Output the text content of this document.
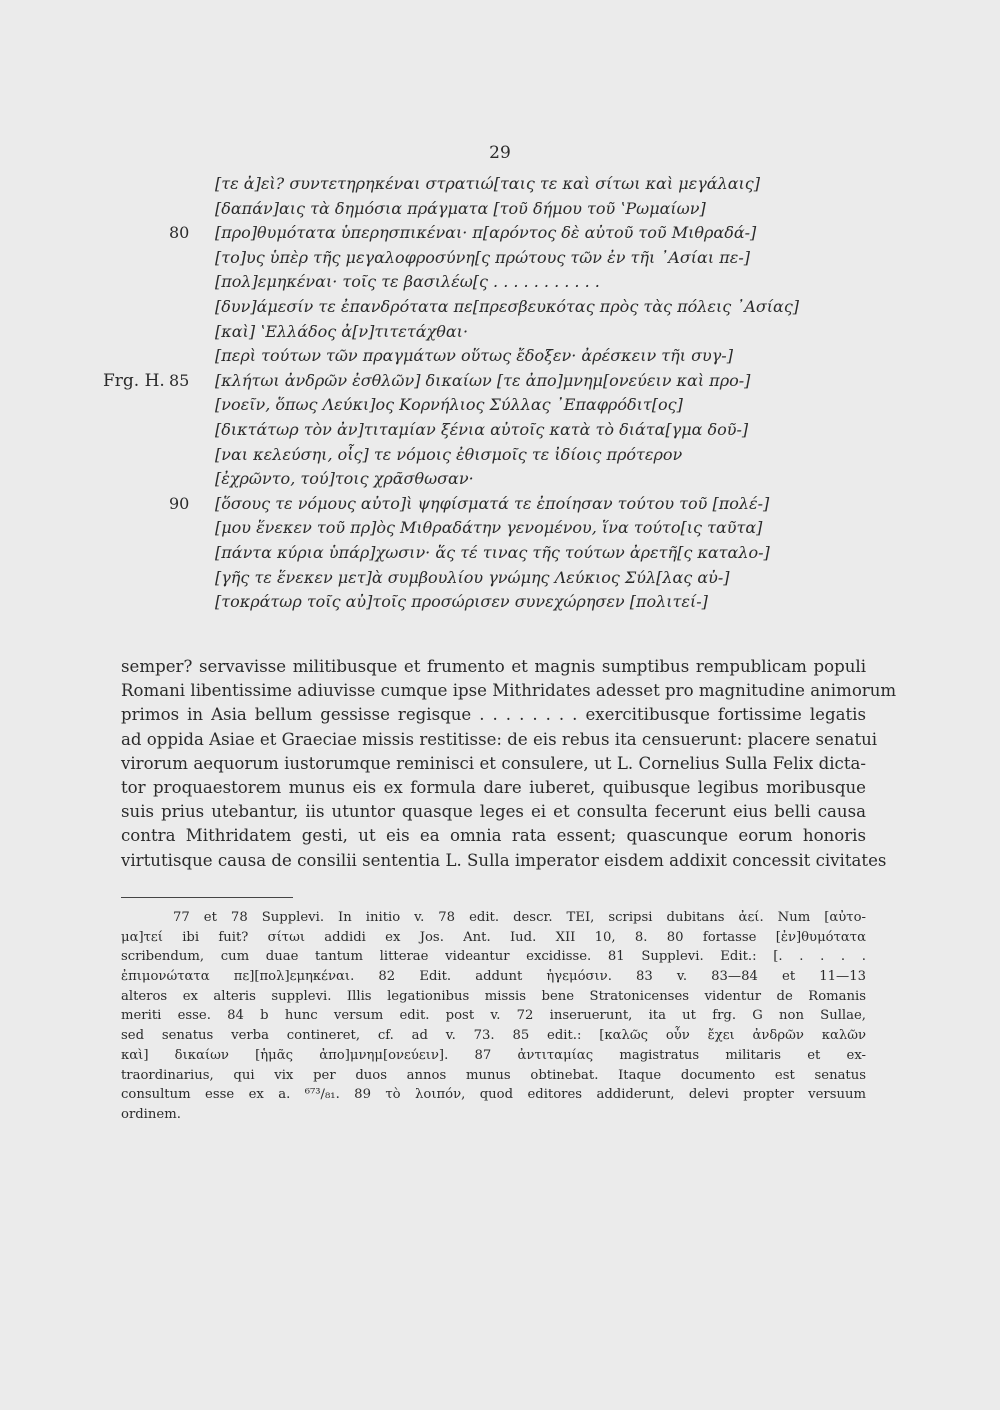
29
[τε ἀ]εὶ? συντετηρηκέναι στρατιώ[ταις τε καὶ σίτωι καὶ μεγάλαις]
[δαπάν]αις τὰ δημόσια πράγματα [τοῦ δήμου τοῦ ʽΡωμαίων]
80 [προ]θυμότατα ὑπερησπικέναι· π[αρόντος δὲ αὐτοῦ τοῦ Μιθραδά-]
[το]υς ὑπὲρ τῆς μεγαλοφροσύνη[ς πρώτους τῶν ἐν τῆι ᾽Ασίαι πε-]
[πολ]εμηκέναι· τοῖς τε βασιλέω[ς . . . . . . . . . . .
[δυν]άμεσίν τε ἐπανδρότατα πε[πρεσβευκότας πρὸς τὰς πόλεις ᾽Ασίας]
[καὶ] ʽΕλλάδος ἀ[ν]τιτετάχθαι·
[περὶ τούτων τῶν πραγμάτων οὕτως ἔδοξεν· ἀρέσκειν τῆι συγ-]
Frg. H. 85 [κλήτωι ἀνδρῶν ἐσθλῶν] δικαίων [τε ἀπο]μνημ[ονεύειν καὶ προ-]
[νοεῖν, ὅπως Λεύκι]ος Κορνήλιος Σύλλας ᾽Επαφρόδιτ[ος]
[δικτάτωρ τὸν ἀν]τιταμίαν ξένια αὐτοῖς κατὰ τὸ διάτα[γμα δοῦ-]
[ναι κελεύσηι, οἷς] τε νόμοις ἐθισμοῖς τε ἰδίοις πρότερον
[ἐχρῶντο, τού]τοις χρᾶσθωσαν·
90 [ὅσους τε νόμους αὐτο]ὶ ψηφίσματά τε ἐποίησαν τούτου τοῦ [πολέ-]
[μου ἕνεκεν τοῦ πρ]ὸς Μιθραδάτην γενομένου, ἵνα τούτο[ις ταῦτα]
[πάντα κύρια ὑπάρ]χωσιν· ἅς τέ τινας τῆς τούτων ἀρετῆ[ς καταλο-]
[γῆς τε ἕνεκεν μετ]ὰ συμβουλίου γνώμης Λεύκιος Σύλ[λας αὐ-]
[τοκράτωρ τοῖς αὐ]τοῖς προσώρισεν συνεχώρησεν [πολιτεί-]
semper? servavisse militibusque et frumento et magnis sumptibus rempublicam populi
Romani libentissime adiuvisse cumque ipse Mithridates adesset pro magnitudine animorum
primos in Asia bellum gessisse regisque . . . . . . . . exercitibusque fortissime legatis
ad oppida Asiae et Graeciae missis restitisse: de eis rebus ita censuerunt: placere senatui
virorum aequorum iustorumque reminisci et consulere, ut L. Cornelius Sulla Felix dicta-
tor proquaestorem munus eis ex formula dare iuberet, quibusque legibus moribusque
suis prius utebantur, iis utuntor quasque leges ei et consulta fecerunt eius belli causa
contra Mithridatem gesti, ut eis ea omnia rata essent; quascunque eorum honoris
virtutisque causa de consilii sententia L. Sulla imperator eisdem addixit concessit civitates
77 et 78 Supplevi. In initio v. 78 edit. descr. ΤΕΙ, scripsi dubitans ἀεί. Num [αὐτο-
μα]τεί ibi fuit? σίτωι addidi ex Jos. Ant. Iud. XII 10, 8. 80 fortasse [ἐν]θυμότατα
scribendum, cum duae tantum litterae videantur excidisse. 81 Supplevi. Edit.: [. . . . .
ἐπιμονώτατα πε][πολ]εμηκέναι. 82 Edit. addunt ἡγεμόσιν. 83 v. 83—84 et 11—13
alteros ex alteris supplevi. Illis legationibus missis bene Stratonicenses videntur de Romanis
meriti esse. 84 b hunc versum edit. post v. 72 inseruerunt, ita ut frg. G non Sullae,
sed senatus verba contineret, cf. ad v. 73. 85 edit.: [καλῶς οὖν ἔχει ἀνδρῶν καλῶν
καὶ] δικαίων [ἡμᾶς ἀπο]μνημ[ονεύειν]. 87 ἀντιταμίας magistratus militaris et ex-
traordinarius, qui vix per duos annos munus obtinebat. Itaque documento est senatus
consultum esse ex a. ⁶⁷³/₈₁. 89 τὸ λοιπόν, quod editores addiderunt, delevi propter versuum
ordinem.
